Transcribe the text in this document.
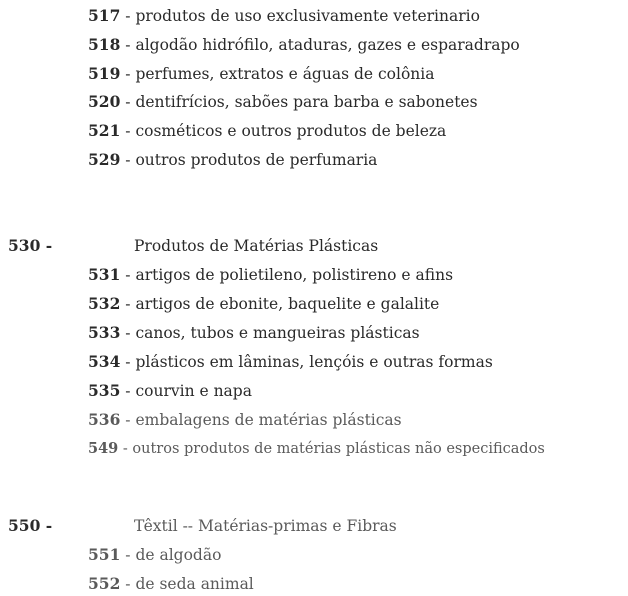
517 - produtos de uso exclusivamente veterinario
518 - algodão hidrófilo, ataduras, gazes e esparadrapo
519 - perfumes, extratos e águas de colônia
520 - dentifrícios, sabões para barba e sabonetes
521 - cosméticos e outros produtos de beleza
529 - outros produtos de perfumaria
530 -	Produtos de Matérias Plásticas
531 - artigos de polietileno, polistireno e afins
532 - artigos de ebonite, baquelite e galalite
533 - canos, tubos e mangueiras plásticas
534 - plásticos em lâminas, lençóis e outras formas
535 - courvin e napa
536 - embalagens de matérias plásticas
549 - outros produtos de matérias plásticas não especificados
550 -	Têxtil -- Matérias-primas e Fibras
551 - de algodão
552 - de seda animal
